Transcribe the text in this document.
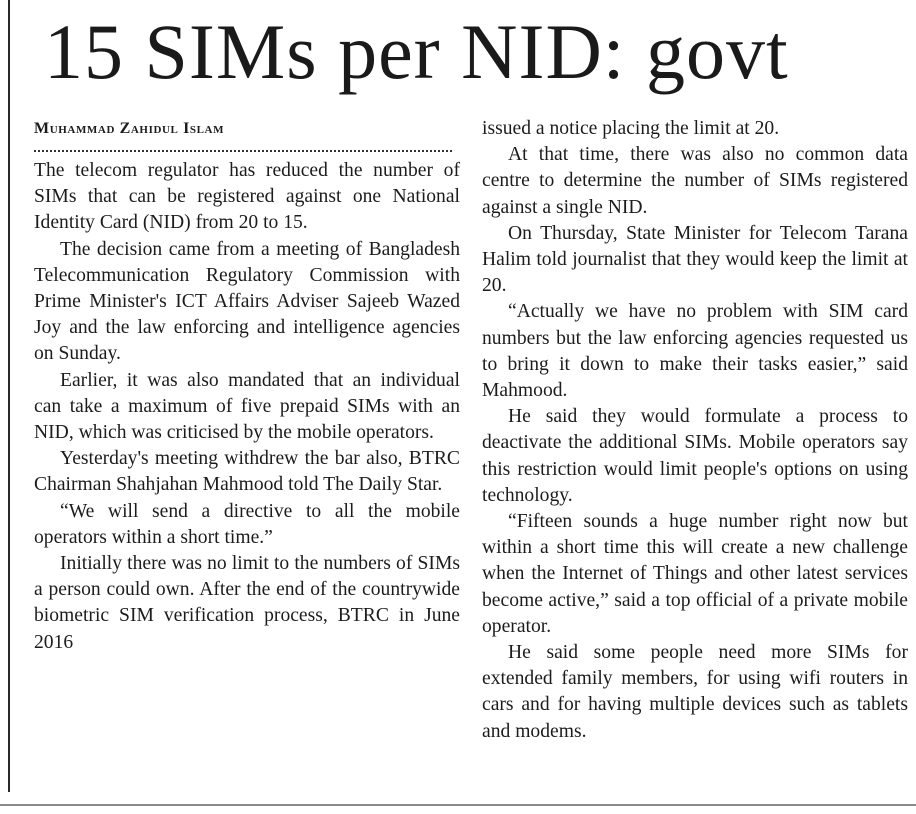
15 SIMs per NID: govt
Muhammad Zahidul Islam

The telecom regulator has reduced the number of SIMs that can be registered against one National Identity Card (NID) from 20 to 15.

The decision came from a meeting of Bangladesh Telecommunication Regulatory Commission with Prime Minister's ICT Affairs Adviser Sajeeb Wazed Joy and the law enforcing and intelligence agencies on Sunday.

Earlier, it was also mandated that an individual can take a maximum of five prepaid SIMs with an NID, which was criticised by the mobile operators.

Yesterday's meeting withdrew the bar also, BTRC Chairman Shahjahan Mahmood told The Daily Star.

“We will send a directive to all the mobile operators within a short time.”

Initially there was no limit to the numbers of SIMs a person could own. After the end of the countrywide biometric SIM verification process, BTRC in June 2016

issued a notice placing the limit at 20.

At that time, there was also no common data centre to determine the number of SIMs registered against a single NID.

On Thursday, State Minister for Telecom Tarana Halim told journalist that they would keep the limit at 20.

“Actually we have no problem with SIM card numbers but the law enforcing agencies requested us to bring it down to make their tasks easier,” said Mahmood.

He said they would formulate a process to deactivate the additional SIMs. Mobile operators say this restriction would limit people's options on using technology.

“Fifteen sounds a huge number right now but within a short time this will create a new challenge when the Internet of Things and other latest services become active,” said a top official of a private mobile operator.

He said some people need more SIMs for extended family members, for using wifi routers in cars and for having multiple devices such as tablets and modems.
